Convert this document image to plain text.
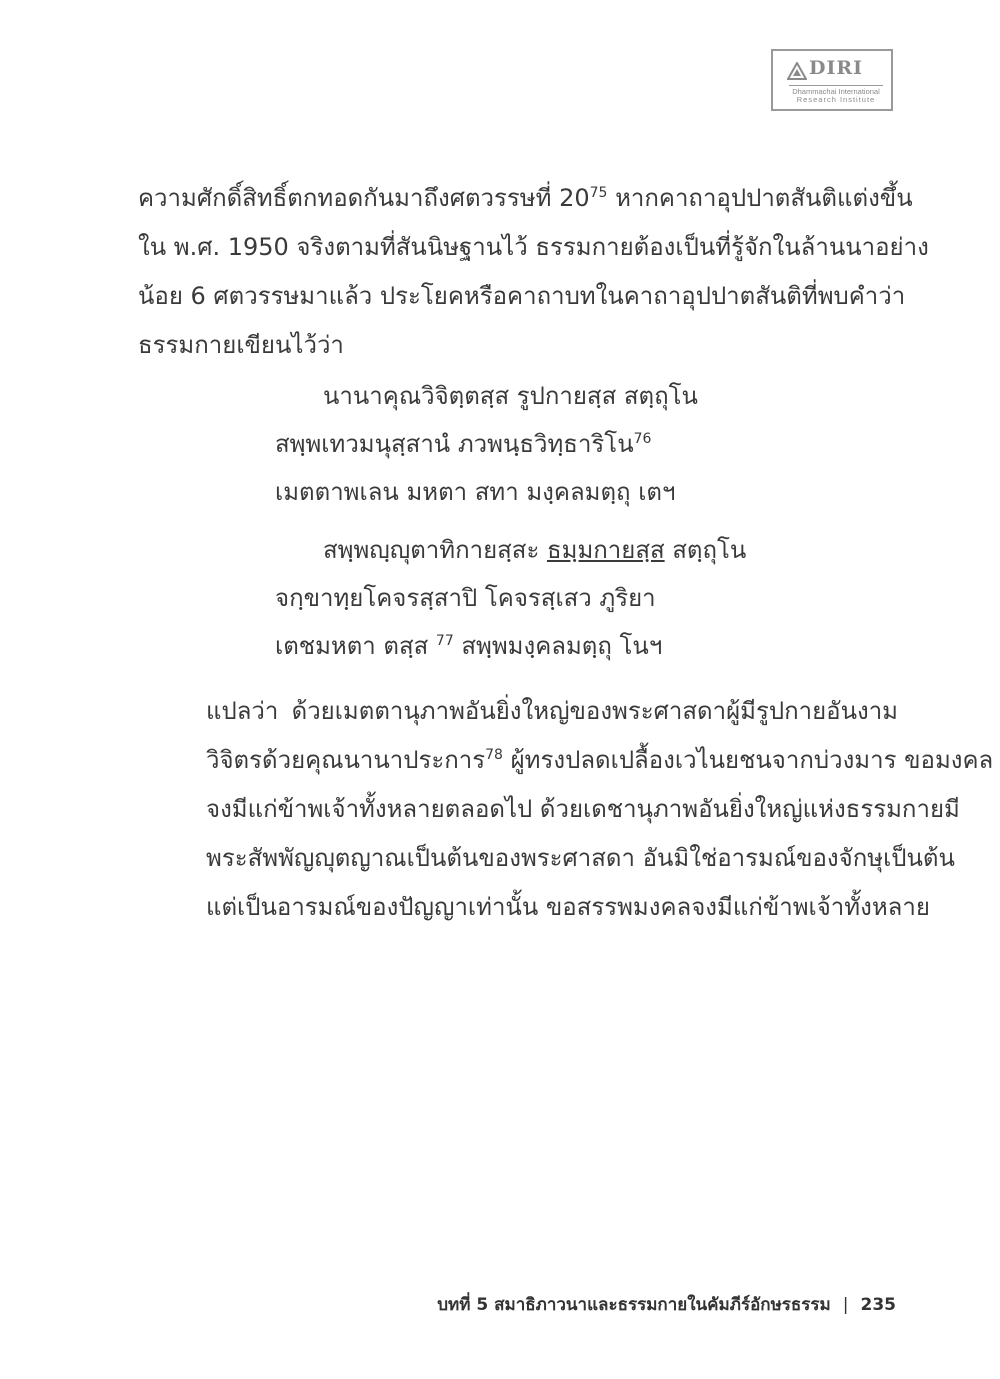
DIRI
Dhammachai International
Research Institute
ความศักดิ์สิทธิ์ตกทอดกันมาถึงศตวรรษที่ $20^{75}$ หากคาถาอุปปาตสันติแต่งขึ้น
ใน พ.ศ. 1950 จริงตามที่สันนิษฐานไว้ ธรรมกายต้องเป็นที่รู้จักในล้านนาอย่าง
น้อย 6 ศตวรรษมาแล้ว ประโยคหรือคาถาบทในคาถาอุปปาตสันติที่พบคำว่า
ธรรมกายเขียนไว้ว่า
นานาคุณวิจิตฺตสฺส รูปกายสฺส สตฺถุโน
สพฺพเทวมนุสฺสานํ ภวพนฺธวิทฺธาริโน$^{76}$
เมตตาพเลน มหตา สทา มงฺคลมตฺถุ เตฯ
สพฺพญฺญุตาทิกายสฺสะ ธมฺมกายสฺส สตฺถุโน
จกฺขาทฺยโคจรสฺสาปิ โคจรสฺเสว ภูริยา
เตชมหตา ตสฺส $^{77}$ สพฺพมงฺคลมตฺถุ โนฯ
แปลว่า ด้วยเมตตานุภาพอันยิ่งใหญ่ของพระศาสดาผู้มีรูปกายอันงาม
วิจิตรด้วยคุณนานาประการ$^{78}$ ผู้ทรงปลดเปลื้องเวไนยชนจากบ่วงมาร ขอมงคล
จงมีแก่ข้าพเจ้าทั้งหลายตลอดไป ด้วยเดชานุภาพอันยิ่งใหญ่แห่งธรรมกายมี
พระสัพพัญญุตญาณเป็นต้นของพระศาสดา อันมิใช่อารมณ์ของจักษุเป็นต้น
แต่เป็นอารมณ์ของปัญญาเท่านั้น ขอสรรพมงคลจงมีแก่ข้าพเจ้าทั้งหลาย
บทที่ 5 สมาธิภาวนาและธรรมกายในคัมภีร์อักษรธรรม | 235
